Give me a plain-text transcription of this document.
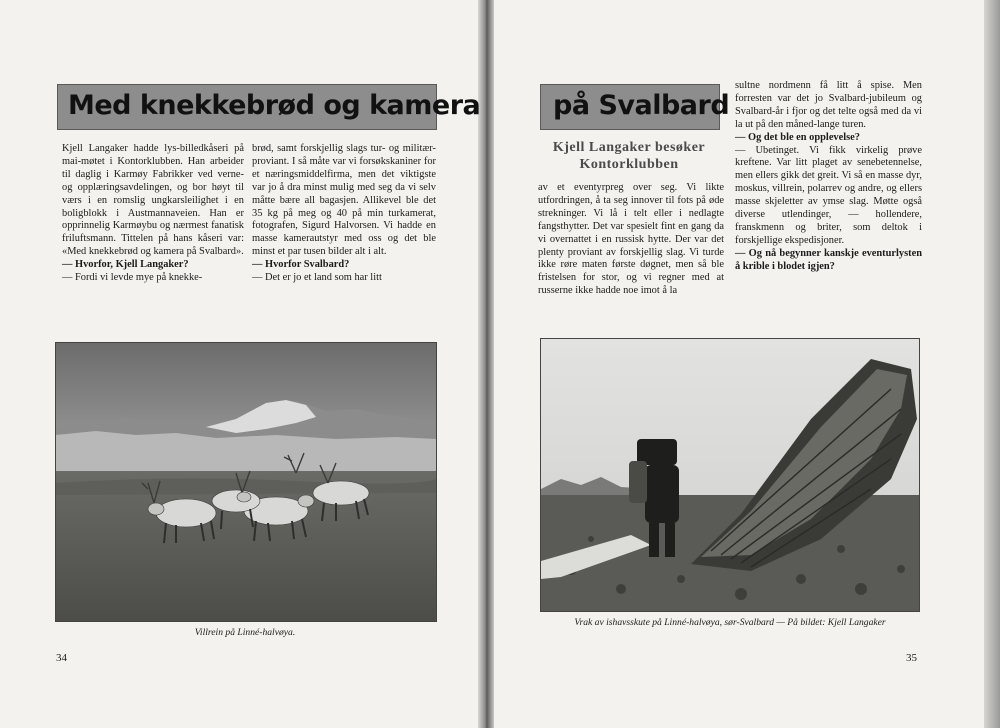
Med knekkebrød og kamera

Kjell Langaker hadde lys-billedkåseri på mai-møtet i Kontorklubben. Han arbeider til daglig i Karmøy Fabrikker ved verne- og opplæringsavdelingen, og bor høyt til værs i en romslig ungkarsleilighet i en boligblokk i Austmannaveien. Han er opprinnelig Karmøybu og nærmest fanatisk friluftsmann. Tittelen på hans kåseri var: «Med knekkebrød og kamera på Svalbard».

— Hvorfor, Kjell Langaker?

— Fordi vi levde mye på knekke-

brød, samt forskjellig slags tur- og militær-proviant. I så måte var vi forsøkskaniner for et næringsmiddelfirma, men det viktigste var jo å dra minst mulig med seg da vi selv måtte bære all bagasjen. Allikevel ble det 35 kg på meg og 40 på min turkamerat, fotografen, Sigurd Halvorsen. Vi hadde en masse kamerautstyr med oss og det ble minst et par tusen bilder alt i alt.

— Hvorfor Svalbard?

— Det er jo et land som har litt

Villrein på Linné-halvøya.
34
på Svalbard
Kjell Langaker besøker
Kontorklubben

av et eventyrpreg over seg. Vi likte utfordringen, å ta seg innover til fots på øde strekninger. Vi lå i telt eller i nedlagte fangsthytter. Det var spesielt fint en gang da vi overnattet i en russisk hytte. Der var det plenty proviant av forskjellig slag. Vi turde ikke røre maten første døgnet, men så ble fristelsen for stor, og vi regner med at russerne ikke hadde noe imot å la

sultne nordmenn få litt å spise. Men forresten var det jo Svalbard-jubileum og Svalbard-år i fjor og det telte også med da vi la ut på den måned-lange turen.

— Og det ble en opplevelse?

— Ubetinget. Vi fikk virkelig prøve kreftene. Var litt plaget av senebetennelse, men ellers gikk det greit. Vi så en masse dyr, moskus, villrein, polarrev og andre, og ellers masse skjeletter av ymse slag. Møtte også diverse utlendinger, — hollendere, franskmenn og briter, som deltok i forskjellige ekspedisjoner.

— Og nå begynner kanskje eventurlysten å krible i blodet igjen?

Vrak av ishavsskute på Linné-halvøya, sør-Svalbard — På bildet: Kjell Langaker
35
